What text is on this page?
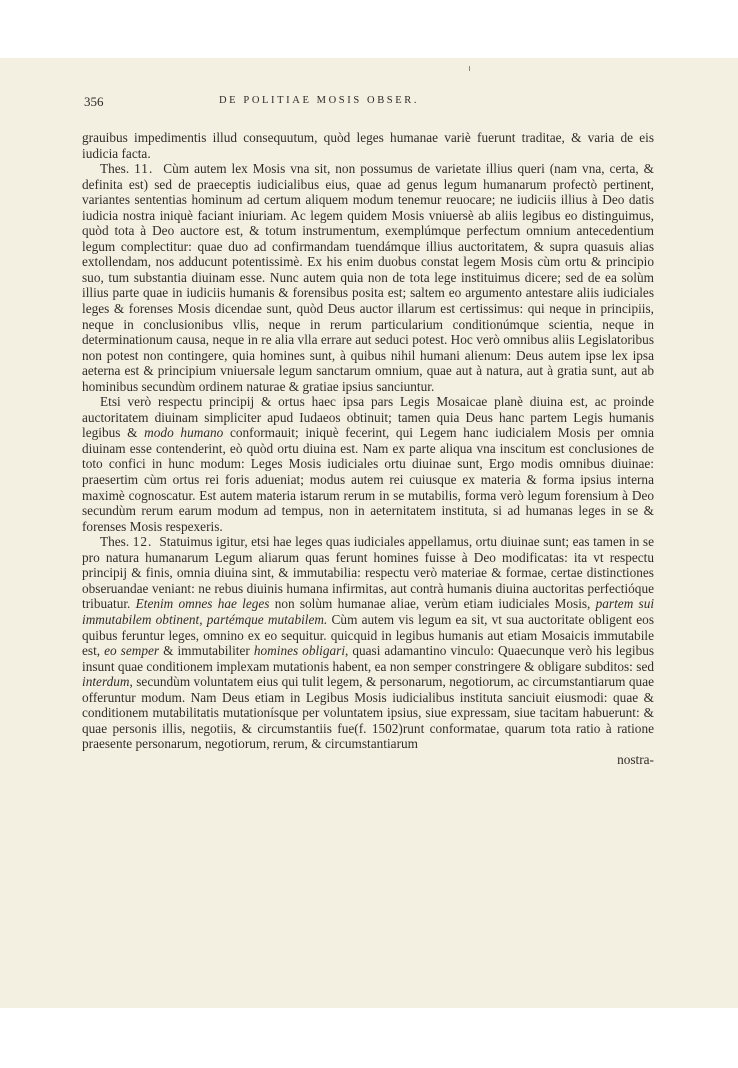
356	DE POLITIAE MOSIS OBSER.

grauibus impedimentis illud consequutum, quòd leges humanae variè fuerunt traditae, & varia de eis iudicia facta.

Thes. 11. Cùm autem lex Mosis vna sit, non possumus de varietate illius queri (nam vna, certa, & definita est) sed de praeceptis iudicialibus eius, quae ad genus legum humanarum profectò pertinent, variantes sententias hominum ad certum aliquem modum tenemur reuocare; ne iudiciis illius à Deo datis iudicia nostra iniquè faciant iniuriam. Ac legem quidem Mosis vniuersè ab aliis legibus eo distinguimus, quòd tota à Deo auctore est, & totum instrumentum, exemplúmque perfectum omnium antecedentium legum complectitur: quae duo ad confirmandam tuendámque illius auctoritatem, & supra quasuis alias extollendam, nos adducunt potentissimè. Ex his enim duobus constat legem Mosis cùm ortu & principio suo, tum substantia diuinam esse. Nunc autem quia non de tota lege instituimus dicere; sed de ea solùm illius parte quae in iudiciis humanis & forensibus posita est; saltem eo argumento antestare aliis iudiciales leges & forenses Mosis dicendae sunt, quòd Deus auctor illarum est certissimus: qui neque in principiis, neque in conclusionibus vllis, neque in rerum particularium conditionúmque scientia, neque in determinationum causa, neque in re alia vlla errare aut seduci potest. Hoc verò omnibus aliis Legislatoribus non potest non contingere, quia homines sunt, à quibus nihil humani alienum: Deus autem ipse lex ipsa aeterna est & principium vniuersale legum sanctarum omnium, quae aut à natura, aut à gratia sunt, aut ab hominibus secundùm ordinem naturae & gratiae ipsius sanciuntur.

Etsi verò respectu principij & ortus haec ipsa pars Legis Mosaicae planè diuina est, ac proinde auctoritatem diuinam simpliciter apud Iudaeos obtinuit; tamen quia Deus hanc partem Legis humanis legibus & modo humano conformauit; iniquè fecerint, qui Legem hanc iudicialem Mosis per omnia diuinam esse contenderint, eò quòd ortu diuina est. Nam ex parte aliqua vna inscitum est conclusiones de toto confici in hunc modum: Leges Mosis iudiciales ortu diuinae sunt, Ergo modis omnibus diuinae: praesertim cùm ortus rei foris adueniat; modus autem rei cuiusque ex materia & forma ipsius interna maximè cognoscatur. Est autem materia istarum rerum in se mutabilis, forma verò legum forensium à Deo secundùm rerum earum modum ad tempus, non in aeternitatem instituta, si ad humanas leges in se & forenses Mosis respexeris.

Thes. 12. Statuimus igitur, etsi hae leges quas iudiciales appellamus, ortu diuinae sunt; eas tamen in se pro natura humanarum Legum aliarum quas ferunt homines fuisse à Deo modificatas: ita vt respectu principij & finis, omnia diuina sint, & immutabilia: respectu verò materiae & formae, certae distinctiones obseruandae veniant: ne rebus diuinis humana infirmitas, aut contrà humanis diuina auctoritas perfectióque tribuatur. Etenim omnes hae leges non solùm humanae aliae, verùm etiam iudiciales Mosis, partem sui immutabilem obtinent, partémque mutabilem. Cùm autem vis legum ea sit, vt sua auctoritate obligent eos quibus feruntur leges, omnino ex eo sequitur. quicquid in legibus humanis aut etiam Mosaicis immutabile est, eo semper & immutabiliter homines obligari, quasi adamantino vinculo: Quaecunque verò his legibus insunt quae conditionem implexam mutationis habent, ea non semper constringere & obligare subditos: sed interdum, secundùm voluntatem eius qui tulit legem, & personarum, negotiorum, ac circumstantiarum quae offeruntur modum. Nam Deus etiam in Legibus Mosis iudicialibus instituta sanciuit eiusmodi: quae & conditionem mutabilitatis mutationísque per voluntatem ipsius, siue expressam, siue tacitam habuerunt: & quae personis illis, negotiis, & circumstantiis fue(f. 1502)runt conformatae, quarum tota ratio à ratione praesente personarum, negotiorum, rerum, & circumstantiarum

nostra-
